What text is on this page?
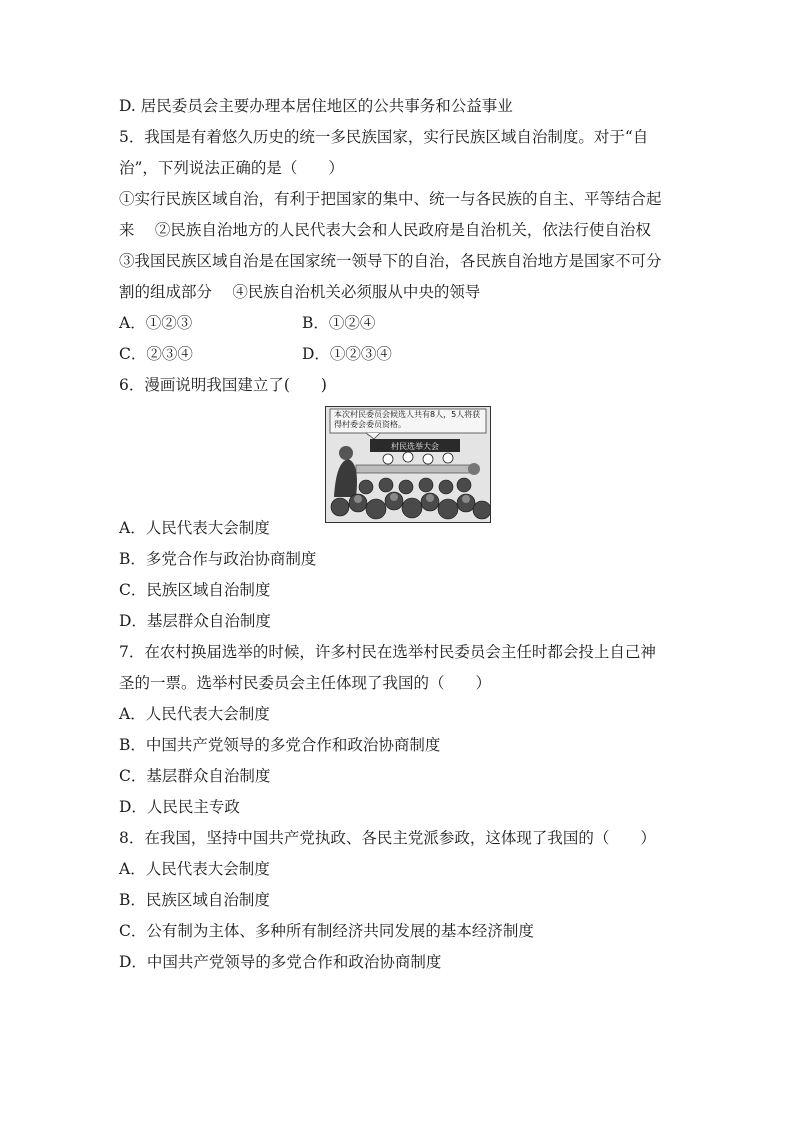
D. 居民委员会主要办理本居住地区的公共事务和公益事业
5．我国是有着悠久历史的统一多民族国家，实行民族区域自治制度。对于“自
治”，下列说法正确的是（　　）
①实行民族区域自治，有利于把国家的集中、统一与各民族的自主、平等结合起
来　 ②民族自治地方的人民代表大会和人民政府是自治机关，依法行使自治权
③我国民族区域自治是在国家统一领导下的自治，各民族自治地方是国家不可分
割的组成部分　 ④民族自治机关必须服从中央的领导
A．①②③	B．①②④
C．②③④	D．①②③④
6．漫画说明我国建立了(　　)
村民选举大会
本次村民委员会候选人共有8人，5人将获得村委会委员资格。
A．人民代表大会制度
B．多党合作与政治协商制度
C．民族区域自治制度
D．基层群众自治制度
7．在农村换届选举的时候，许多村民在选举村民委员会主任时都会投上自己神
圣的一票。选举村民委员会主任体现了我国的（　　）
A．人民代表大会制度
B．中国共产党领导的多党合作和政治协商制度
C．基层群众自治制度
D．人民民主专政
8．在我国，坚持中国共产党执政、各民主党派参政，这体现了我国的（　　）
A．人民代表大会制度
B．民族区域自治制度
C．公有制为主体、多种所有制经济共同发展的基本经济制度
D．中国共产党领导的多党合作和政治协商制度
